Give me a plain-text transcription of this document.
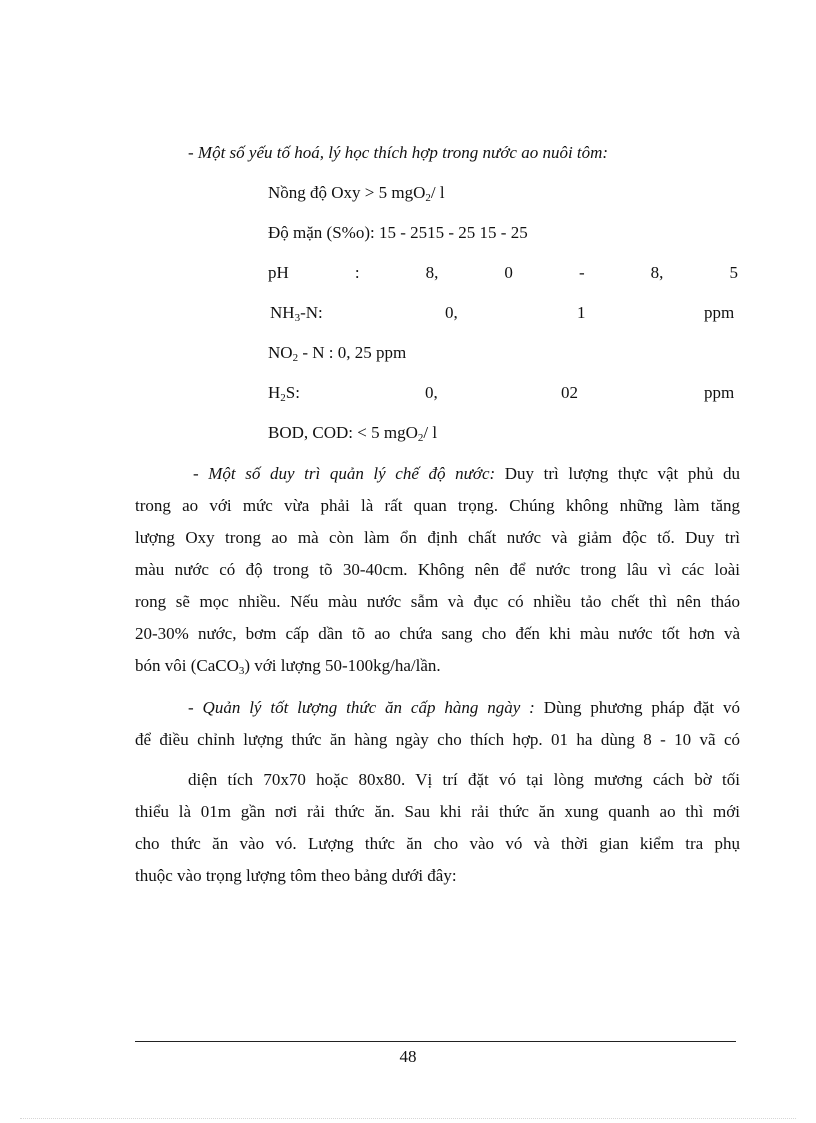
- Một số yếu tố hoá, lý học thích hợp trong nước ao nuôi tôm:
Nồng độ Oxy > 5 mgO$_2$/ l
Độ mặn (S%o): 15 - 2515 - 25 15 - 25
pH	:	8,	0	-	8,	5
$NH_3-N$:	0,	1	ppm
$NO_2$ - N : 0, 25 ppm
$H_2S$:	0,	02	ppm
BOD, COD: < 5 mgO$_2$/ l
- Một số duy trì quản lý chế độ nước: Duy trì lượng thực vật phủ du
trong ao với mức vừa phải là rất quan trọng. Chúng không những làm tăng
lượng Oxy trong ao mà còn làm ổn định chất nước và giảm độc tố. Duy trì
màu nước có độ trong tõ 30-40cm. Không nên để nước trong lâu vì các loài
rong sẽ mọc nhiều. Nếu màu nước sẫm và đục có nhiều tảo chết thì nên tháo
20-30% nước, bơm cấp dần tõ ao chứa sang cho đến khi màu nước tốt hơn và
bón vôi (CaCO$_3$) với lượng 50-100kg/ha/lần.
- Quản lý tốt lượng thức ăn cấp hàng ngày : Dùng phương pháp đặt vó
để điều chỉnh lượng thức ăn hàng ngày cho thích hợp. 01 ha dùng 8 - 10 vã có
diện tích 70x70 hoặc 80x80. Vị trí đặt vó tại lòng mương cách bờ tối
thiểu là 01m gần nơi rải thức ăn. Sau khi rải thức ăn xung quanh ao thì mới
cho thức ăn vào vó. Lượng thức ăn cho vào vó và thời gian kiểm tra phụ
thuộc vào trọng lượng tôm theo bảng dưới đây:
48
